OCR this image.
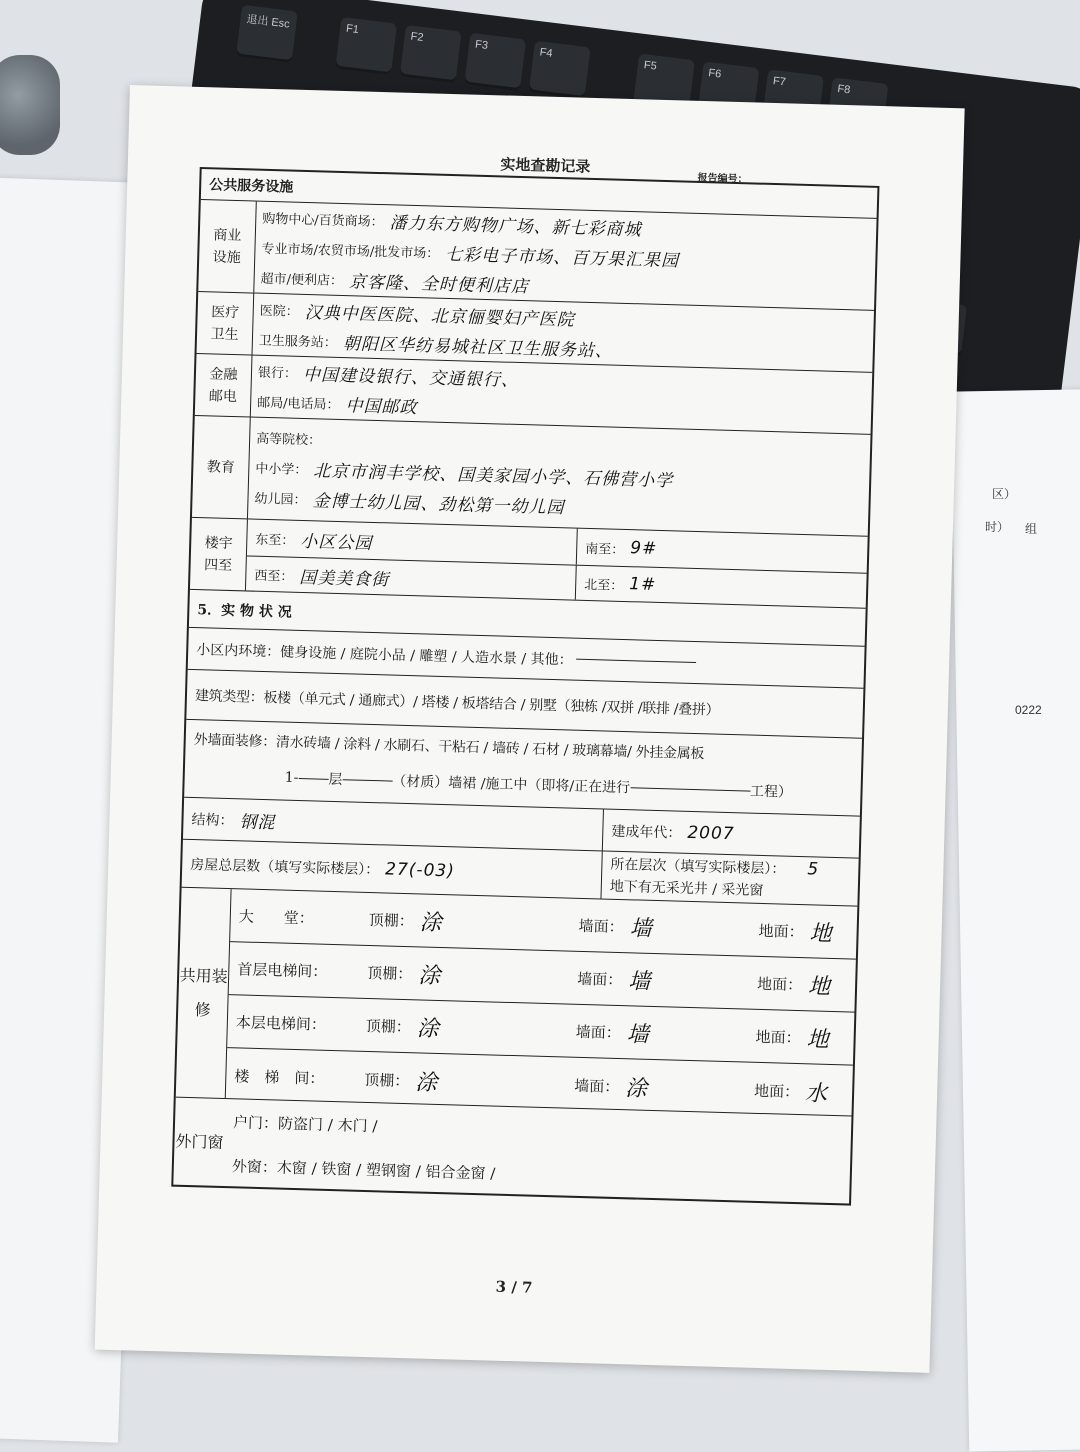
退出 Esc	F1
F2
F3
F4
F5
F6
F7
F8
区）
时） 组
0222
实地查勘记录
报告编号：
公共服务设施
商业设施
购物中心/百货商场： 潘力东方购物广场、新七彩商城
专业市场/农贸市场/批发市场： 七彩电子市场、百万果汇果园
超市/便利店： 京客隆、全时便利店店
医疗卫生
医院： 汉典中医医院、北京俪婴妇产医院
卫生服务站： 朝阳区华纺易城社区卫生服务站、
金融邮电
银行： 中国建设银行、交通银行、
邮局/电话局： 中国邮政
教育
高等院校：
中小学： 北京市润丰学校、国美家园小学、石佛营小学
幼儿园： 金博士幼儿园、劲松第一幼儿园
楼宇四至
东至： 小区公园	南至： 9#
西至： 国美美食街	北至： 1#
5．实 物 状 况
小区内环境：健身设施 / 庭院小品 / 雕塑 / 人造水景 / 其他：
建筑类型：板楼（单元式 / 通廊式）/ 塔楼 / 板塔结合 / 别墅（独栋 /双拼 /联排 /叠拼）
外墙面装修：清水砖墙 / 涂料 / 水刷石、干粘石 / 墙砖 / 石材 / 玻璃幕墙/ 外挂金属板
1- 层	（材质）墙裙 /施工中（即将/正在进行	工程）
结构： 钢混	建成年代： 2007
房屋总层数（填写实际楼层）： 27(-03)	所在层次（填写实际楼层）： 5
地下有无采光井 / 采光窗
共用装修
大　　堂：	顶棚： 涂	墙面： 墙	地面： 地
首层电梯间：	顶棚： 涂	墙面： 墙	地面： 地
本层电梯间：	顶棚： 涂	墙面： 墙	地面： 地
楼　梯　间：	顶棚： 涂	墙面： 涂	地面： 水
外门窗
户门：防盗门 / 木门 /
外窗：木窗 / 铁窗 / 塑钢窗 / 铝合金窗 /
3 / 7
